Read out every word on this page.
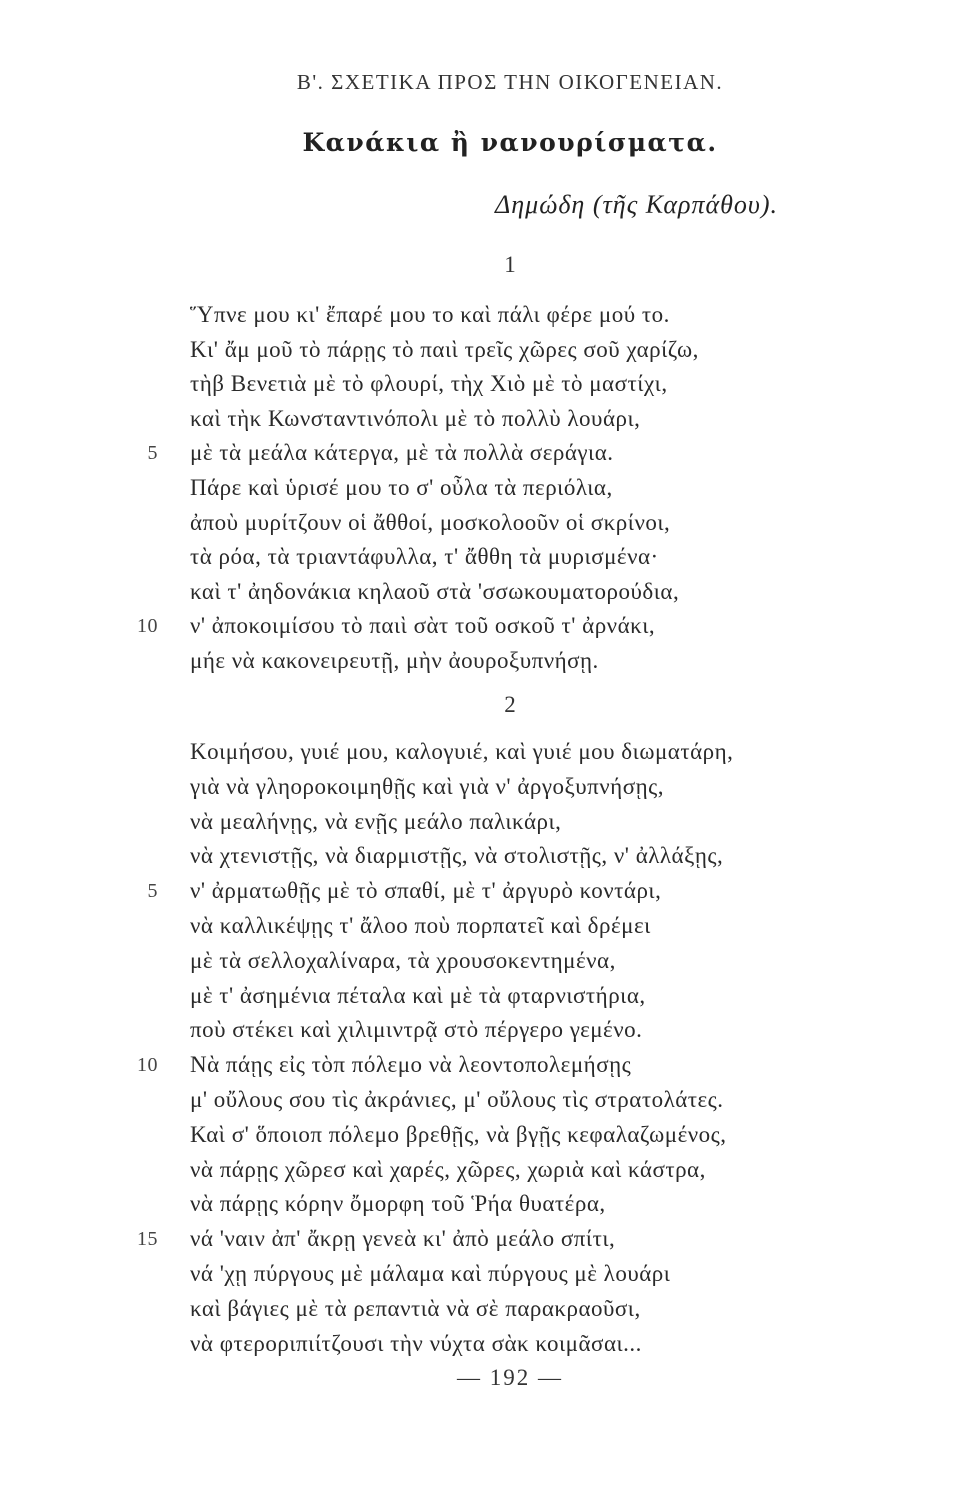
Β'. ΣΧΕΤΙΚΑ ΠΡΟΣ ΤΗΝ ΟΙΚΟΓΕΝΕΙΑΝ.
Κανάκια ἢ νανουρίσματα.
Δημώδη (τῆς Καρπάθου).
1
Ὕπνε μου κι' ἔπαρέ μου το καὶ πάλι φέρε μού το.
Κι' ἄμ μοῦ τὸ πάρῃς τὸ παιὶ τρεῖς χῶρες σοῦ χαρίζω,
τὴβ Βενετιὰ μὲ τὸ φλουρί, τὴχ Χιὸ μὲ τὸ μαστίχι,
καὶ τὴκ Κωνσταντινόπολι μὲ τὸ πολλὺ λουάρι,
5 μὲ τὰ μεάλα κάτεργα, μὲ τὰ πολλὰ σεράγια.
Πάρε καὶ ὑρισέ μου το σ' οὖλα τὰ περιόλια,
ἀποὺ μυρίτζουν οἱ ἄθθοί, μοσκολοοῦν οἱ σκρίνοι,
τὰ ρόα, τὰ τριαντάφυλλα, τ' ἄθθη τὰ μυρισμένα·
καὶ τ' ἀηδονάκια κηλαοῦ στὰ 'σσωκουματορούδια,
10 ν' ἀποκοιμίσου τὸ παιὶ σὰτ τοῦ οσκοῦ τ' ἀρνάκι,
μήε νὰ κακονειρευτῇ, μὴν ἀουροξυπνήσῃ.
2
Κοιμήσου, γυιέ μου, καλογυιέ, καὶ γυιέ μου διωματάρη,
γιὰ νὰ γληοροκοιμηθῇς καὶ γιὰ ν' ἀργοξυπνήσῃς,
νὰ μεαλήνῃς, νὰ ενῇς μεάλο παλικάρι,
νὰ χτενιστῇς, νὰ διαρμιστῇς, νὰ στολιστῇς, ν' ἀλλάξῃς,
5 ν' ἀρματωθῇς μὲ τὸ σπαθί, μὲ τ' ἀργυρὸ κοντάρι,
νὰ καλλικέψῃς τ' ἄλοο ποὺ πορπατεῖ καὶ δρέμει
μὲ τὰ σελλοχαλίναρα, τὰ χρουσοκεντημένα,
μὲ τ' ἀσημένια πέταλα καὶ μὲ τὰ φταρνιστήρια,
ποὺ στέκει καὶ χιλιμιντρᾷ στὸ πέργερο γεμένο.
10 Νὰ πάῃς εἰς τὸπ πόλεμο νὰ λεοντοπολεμήσῃς
μ' οὔλους σου τὶς ἀκράνιες, μ' οὔλους τὶς στρατολάτες.
Καὶ σ' ὅποιοπ πόλεμο βρεθῇς, νὰ βγῇς κεφαλαζωμένος,
νὰ πάρῃς χῶρεσ καὶ χαρές, χῶρες, χωριὰ καὶ κάστρα,
νὰ πάρῃς κόρην ὄμορφη τοῦ Ῥήα θυατέρα,
15 νά 'ναιν ἀπ' ἄκρῃ γενεὰ κι' ἀπὸ μεάλο σπίτι,
νά 'χῃ πύργους μὲ μάλαμα καὶ πύργους μὲ λουάρι
καὶ βάγιες μὲ τὰ ρεπαντιὰ νὰ σὲ παρακραοῦσι,
νὰ φτεροριπιίτζουσι τὴν νύχτα σὰκ κοιμᾶσαι...
— 192 —
